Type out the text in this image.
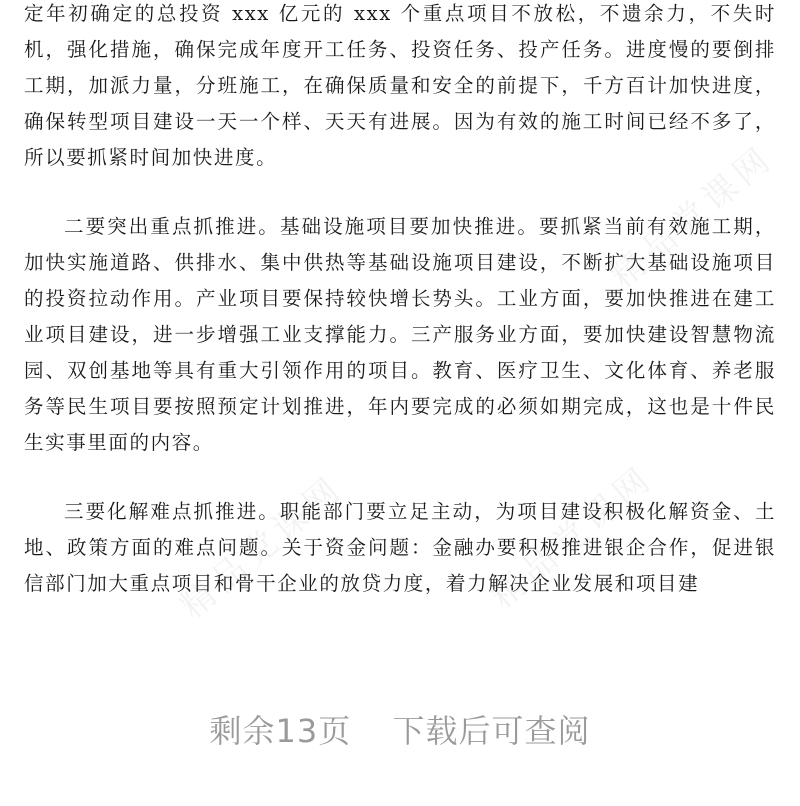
定年初确定的总投资 xxx 亿元的 xxx 个重点项目不放松，不遗余力，不失时机，强化措施，确保完成年度开工任务、投资任务、投产任务。进度慢的要倒排工期，加派力量，分班施工，在确保质量和安全的前提下，千方百计加快进度，确保转型项目建设一天一个样、天天有进展。因为有效的施工时间已经不多了，所以要抓紧时间加快进度。

二要突出重点抓推进。基础设施项目要加快推进。要抓紧当前有效施工期，加快实施道路、供排水、集中供热等基础设施项目建设，不断扩大基础设施项目的投资拉动作用。产业项目要保持较快增长势头。工业方面，要加快推进在建工业项目建设，进一步增强工业支撑能力。三产服务业方面，要加快建设智慧物流园、双创基地等具有重大引领作用的项目。教育、医疗卫生、文化体育、养老服务等民生项目要按照预定计划推进，年内要完成的必须如期完成，这也是十件民生实事里面的内容。

三要化解难点抓推进。职能部门要立足主动，为项目建设积极化解资金、土地、政策方面的难点问题。关于资金问题：金融办要积极推进银企合作，促进银信部门加大重点项目和骨干企业的放贷力度，着力解决企业发展和项目建

精品党课网
精品党课网	精品党课网
剩余13页 下载后可查阅
